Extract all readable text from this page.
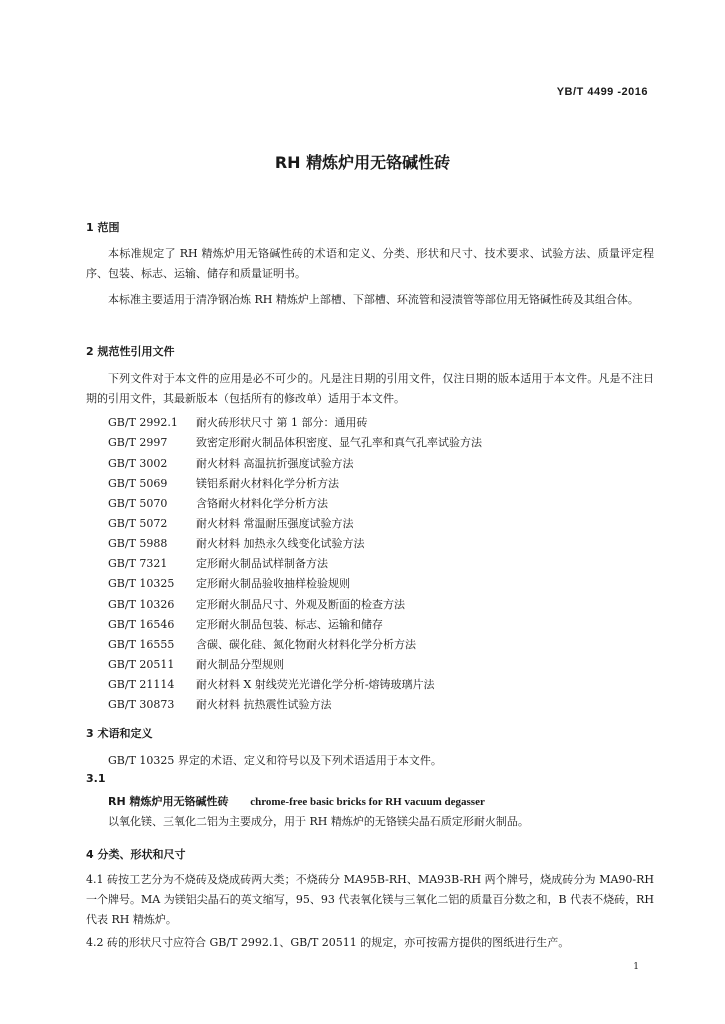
YB/T 4499 -2016
RH 精炼炉用无铬碱性砖
1 范围
本标准规定了 RH 精炼炉用无铬碱性砖的术语和定义、分类、形状和尺寸、技术要求、试验方法、质量评定程序、包装、标志、运输、储存和质量证明书。
本标准主要适用于清净钢冶炼 RH 精炼炉上部槽、下部槽、环流管和浸渍管等部位用无铬碱性砖及其组合体。
2 规范性引用文件
下列文件对于本文件的应用是必不可少的。凡是注日期的引用文件，仅注日期的版本适用于本文件。凡是不注日期的引用文件，其最新版本（包括所有的修改单）适用于本文件。
GB/T 2992.1 耐火砖形状尺寸 第 1 部分：通用砖
GB/T 2997	致密定形耐火制品体积密度、显气孔率和真气孔率试验方法
GB/T 3002	耐火材料 高温抗折强度试验方法
GB/T 5069	镁铝系耐火材料化学分析方法
GB/T 5070	含铬耐火材料化学分析方法
GB/T 5072	耐火材料 常温耐压强度试验方法
GB/T 5988	耐火材料 加热永久线变化试验方法
GB/T 7321	定形耐火制品试样制备方法
GB/T 10325 定形耐火制品验收抽样检验规则
GB/T 10326 定形耐火制品尺寸、外观及断面的检查方法
GB/T 16546 定形耐火制品包装、标志、运输和储存
GB/T 16555 含碳、碳化硅、氮化物耐火材料化学分析方法
GB/T 20511 耐火制品分型规则
GB/T 21114 耐火材料 X 射线荧光光谱化学分析-熔铸玻璃片法
GB/T 30873 耐火材料 抗热震性试验方法
3 术语和定义
GB/T 10325 界定的术语、定义和符号以及下列术语适用于本文件。
3.1
RH 精炼炉用无铬碱性砖 chrome-free basic bricks for RH vacuum degasser
以氧化镁、三氧化二铝为主要成分，用于 RH 精炼炉的无铬镁尖晶石质定形耐火制品。
4 分类、形状和尺寸
4.1 砖按工艺分为不烧砖及烧成砖两大类；不烧砖分 MA95B-RH、MA93B-RH 两个牌号，烧成砖分为 MA90-RH 一个牌号。MA 为镁铝尖晶石的英文缩写，95、93 代表氧化镁与三氧化二铝的质量百分数之和，B 代表不烧砖，RH 代表 RH 精炼炉。
4.2 砖的形状尺寸应符合 GB/T 2992.1、GB/T 20511 的规定，亦可按需方提供的图纸进行生产。
1
